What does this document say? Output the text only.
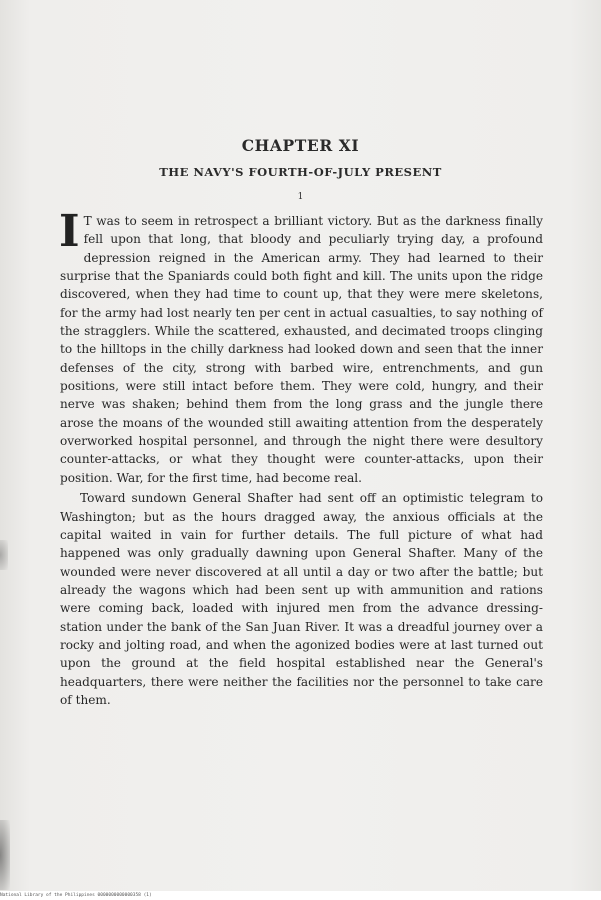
CHAPTER XI
THE NAVY'S FOURTH-OF-JULY PRESENT
1

I T was to seem in retrospect a brilliant victory. But as the darkness finally fell upon that long, that bloody and peculiarly trying day, a profound depression reigned in the American army. They had learned to their surprise that the Spaniards could both fight and kill. The units upon the ridge discovered, when they had time to count up, that they were mere skeletons, for the army had lost nearly ten per cent in actual casualties, to say nothing of the stragglers. While the scattered, exhausted, and decimated troops clinging to the hilltops in the chilly darkness had looked down and seen that the inner defenses of the city, strong with barbed wire, entrenchments, and gun positions, were still intact before them. They were cold, hungry, and their nerve was shaken; behind them from the long grass and the jungle there arose the moans of the wounded still awaiting attention from the desperately overworked hospital personnel, and through the night there were desultory counter-attacks, or what they thought were counter-attacks, upon their position. War, for the first time, had become real.

Toward sundown General Shafter had sent off an optimistic telegram to Washington; but as the hours dragged away, the anxious officials at the capital waited in vain for further details. The full picture of what had happened was only gradually dawning upon General Shafter. Many of the wounded were never discovered at all until a day or two after the battle; but already the wagons which had been sent up with ammunition and rations were coming back, loaded with injured men from the advance dressing-station under the bank of the San Juan River. It was a dreadful journey over a rocky and jolting road, and when the agonized bodies were at last turned out upon the ground at the field hospital established near the General's headquarters, there were neither the facilities nor the personnel to take care of them.

National Library of the Philippines 0000000000000358 (1)
